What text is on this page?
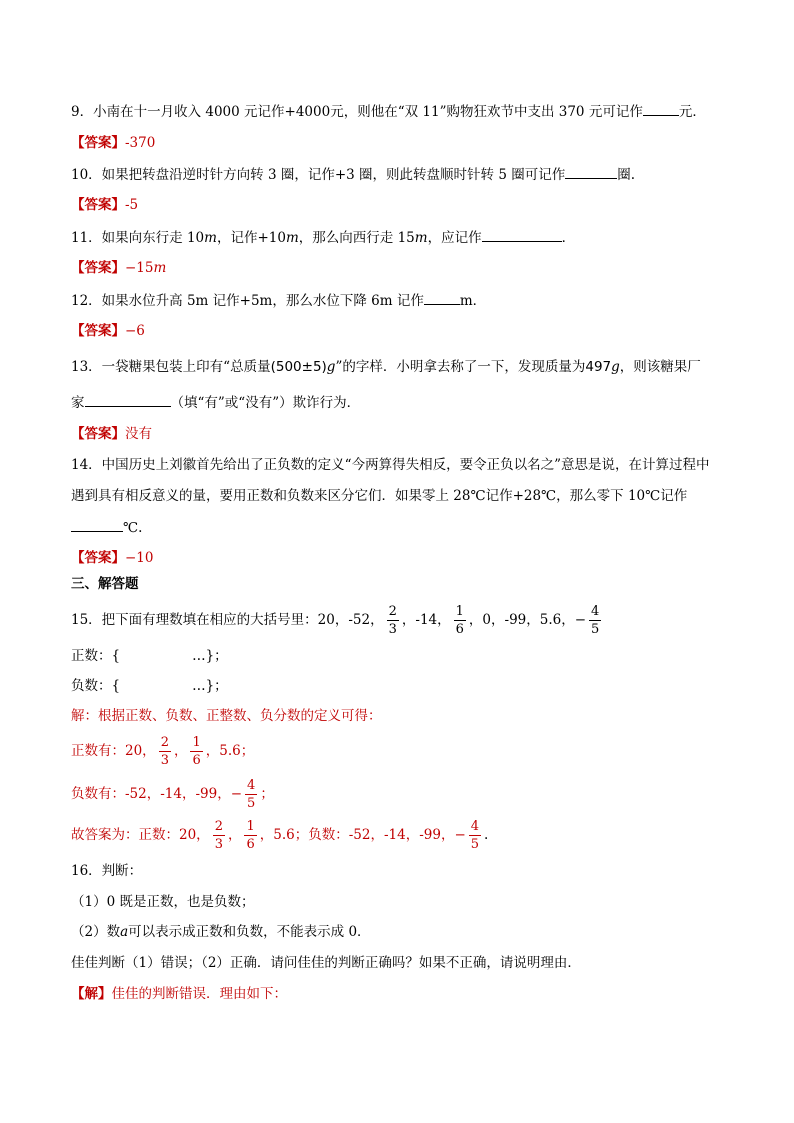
9．小南在十一月收入 4000 元记作+4000元，则他在“双 11”购物狂欢节中支出 370 元可记作	元．
【答案】-370
10．如果把转盘沿逆时针方向转 3 圈，记作+3 圈，则此转盘顺时针转 5 圈可记作	圈.
【答案】-5
11．如果向东行走 10m，记作+10m，那么向西行走 15m，应记作	．
【答案】−15m
12．如果水位升高 5m 记作+5m，那么水位下降 6m 记作	m．
【答案】−6
13．一袋糖果包装上印有“总质量(500±5)g”的字样．小明拿去称了一下，发现质量为497g，则该糖果厂
家	（填“有”或“没有”）欺诈行为．
【答案】没有
14．中国历史上刘徽首先给出了正负数的定义“今两算得失相反，要令正负以名之”意思是说，在计算过程中
遇到具有相反意义的量，要用正数和负数来区分它们．如果零上 28℃记作+28℃，那么零下 10℃记作
℃.
【答案】−10
三、解答题
15．把下面有理数填在相应的大括号里：20，-52， $\frac{2}{3}$ ，-14， $\frac{1}{6}$ ，0，-99，5.6，− $\frac{4}{5}$
正数：{	…}；
负数：{	…}；
解：根据正数、负数、正整数、负分数的定义可得：
正数有：20， $\frac{2}{3}$ ， $\frac{1}{6}$ ，5.6；
负数有：-52，-14，-99，− $\frac{4}{5}$ ；
故答案为：正数：20， $\frac{2}{3}$ ， $\frac{1}{6}$ ，5.6；负数：-52，-14，-99，− $\frac{4}{5}$ .
16．判断：
（1）0 既是正数，也是负数；
（2）数a可以表示成正数和负数，不能表示成 0．
佳佳判断（1）错误；（2）正确．请问佳佳的判断正确吗？如果不正确，请说明理由．
【解】佳佳的判断错误．理由如下：
